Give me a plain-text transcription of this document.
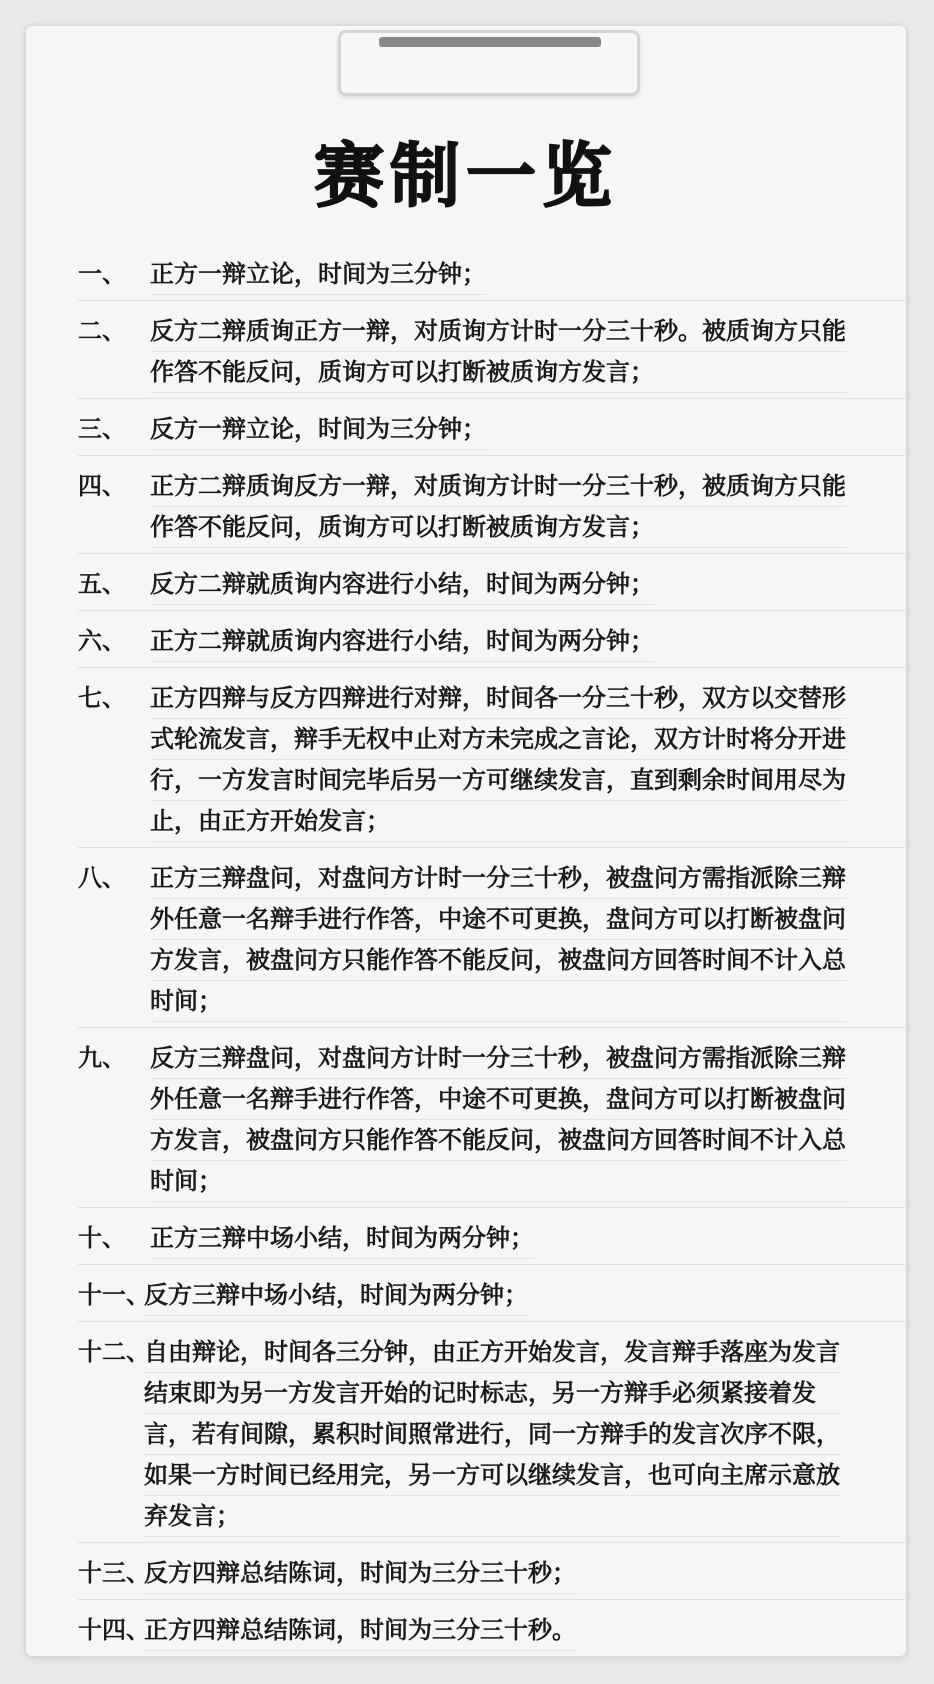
赛制一览
一、	正方一辩立论，时间为三分钟；
二、	反方二辩质询正方一辩，对质询方计时一分三十秒。被质询方只能
作答不能反问，质询方可以打断被质询方发言；
三、	反方一辩立论，时间为三分钟；
四、	正方二辩质询反方一辩，对质询方计时一分三十秒，被质询方只能
作答不能反问，质询方可以打断被质询方发言；
五、	反方二辩就质询内容进行小结，时间为两分钟；
六、	正方二辩就质询内容进行小结，时间为两分钟；
七、	正方四辩与反方四辩进行对辩，时间各一分三十秒，双方以交替形
式轮流发言，辩手无权中止对方未完成之言论，双方计时将分开进
行，一方发言时间完毕后另一方可继续发言，直到剩余时间用尽为
止，由正方开始发言；
八、	正方三辩盘问，对盘问方计时一分三十秒，被盘问方需指派除三辩
外任意一名辩手进行作答，中途不可更换，盘问方可以打断被盘问
方发言，被盘问方只能作答不能反问，被盘问方回答时间不计入总
时间；
九、	反方三辩盘问，对盘问方计时一分三十秒，被盘问方需指派除三辩
外任意一名辩手进行作答，中途不可更换，盘问方可以打断被盘问
方发言，被盘问方只能作答不能反问，被盘问方回答时间不计入总
时间；
十、	正方三辩中场小结，时间为两分钟；
十一、
反方三辩中场小结，时间为两分钟；
十二、
自由辩论，时间各三分钟，由正方开始发言，发言辩手落座为发言
结束即为另一方发言开始的记时标志，另一方辩手必须紧接着发
言，若有间隙，累积时间照常进行，同一方辩手的发言次序不限，
如果一方时间已经用完，另一方可以继续发言，也可向主席示意放
弃发言；
十三、
反方四辩总结陈词，时间为三分三十秒；
十四、
正方四辩总结陈词，时间为三分三十秒。
